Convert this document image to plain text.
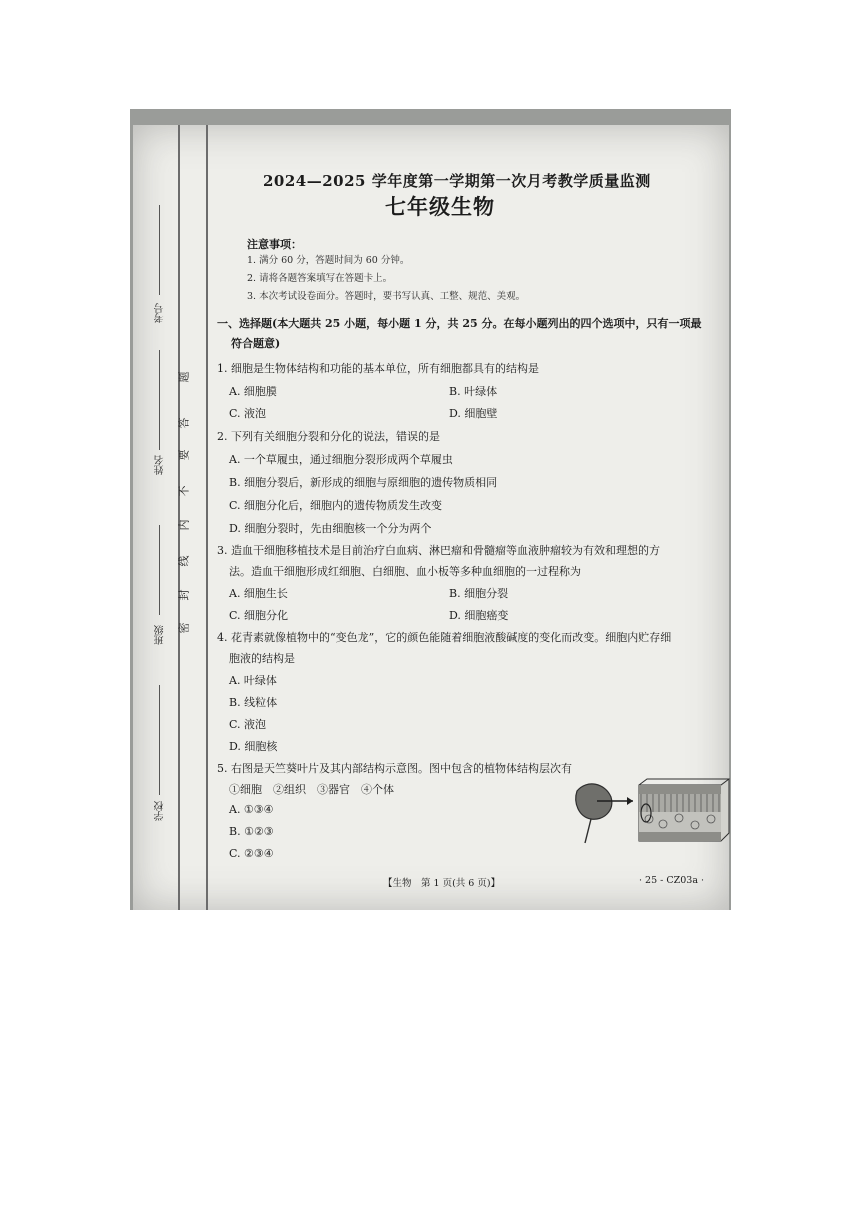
考号
姓名
班级
学校
题
答
要
不
内
线
封
密
2024—2025 学年度第一学期第一次月考教学质量监测
七年级生物
注意事项：
1. 满分 60 分，答题时间为 60 分钟。
2. 请将各题答案填写在答题卡上。
3. 本次考试设卷面分。答题时，要书写认真、工整、规范、美观。
一、选择题(本大题共 25 小题，每小题 1 分，共 25 分。在每小题列出的四个选项中，只有一项最
符合题意)
1. 细胞是生物体结构和功能的基本单位，所有细胞都具有的结构是
A. 细胞膜	B. 叶绿体
C. 液泡	D. 细胞壁
2. 下列有关细胞分裂和分化的说法，错误的是
A. 一个草履虫，通过细胞分裂形成两个草履虫
B. 细胞分裂后，新形成的细胞与原细胞的遗传物质相同
C. 细胞分化后，细胞内的遗传物质发生改变
D. 细胞分裂时，先由细胞核一个分为两个
3. 造血干细胞移植技术是目前治疗白血病、淋巴瘤和骨髓瘤等血液肿瘤较为有效和理想的方
法。造血干细胞形成红细胞、白细胞、血小板等多种血细胞的一过程称为
A. 细胞生长	B. 细胞分裂
C. 细胞分化	D. 细胞癌变
4. 花青素就像植物中的“变色龙”，它的颜色能随着细胞液酸碱度的变化而改变。细胞内贮存细
胞液的结构是
A. 叶绿体
B. 线粒体
C. 液泡
D. 细胞核
5. 右图是天竺葵叶片及其内部结构示意图。图中包含的植物体结构层次有
①细胞　②组织　③器官　④个体
A. ①③④
B. ①②③
C. ②③④
【生物　第 1 页(共 6 页)】	· 25 - CZ03a ·
